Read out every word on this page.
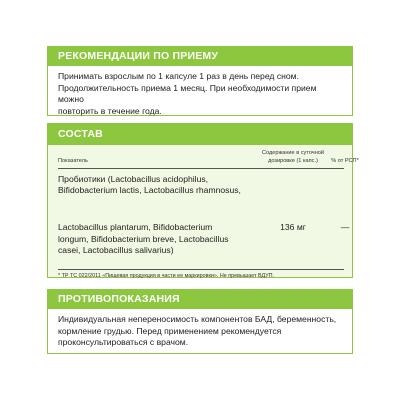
РЕКОМЕНДАЦИИ ПО ПРИЕМУ
Принимать взрослым по 1 капсуле 1 раз в день перед сном.
Продолжительность приема 1 месяц. При необходимости прием можно
повторить в течение года.
СОСТАВ
Показатель
Содержание в суточной
дозировке (1 капс.)	% от РСП*
Пробиотики (Lactobacillus acidophilus,
Bifidobacterium lactis, Lactobacillus rhamnosus,
Lactobacillus plantarum, Bifidobacterium
longum, Bifidobacterium breve, Lactobacillus
casei, Lactobacillus salivarius)
136 мг	—
* ТР ТС 022/2011 «Пищевая продукция в части ее маркировки». Не превышает ВДУП.
ПРОТИВОПОКАЗАНИЯ
Индивидуальная непереносимость компонентов БАД, беременность,
кормление грудью. Перед применением рекомендуется
проконсультироваться с врачом.
